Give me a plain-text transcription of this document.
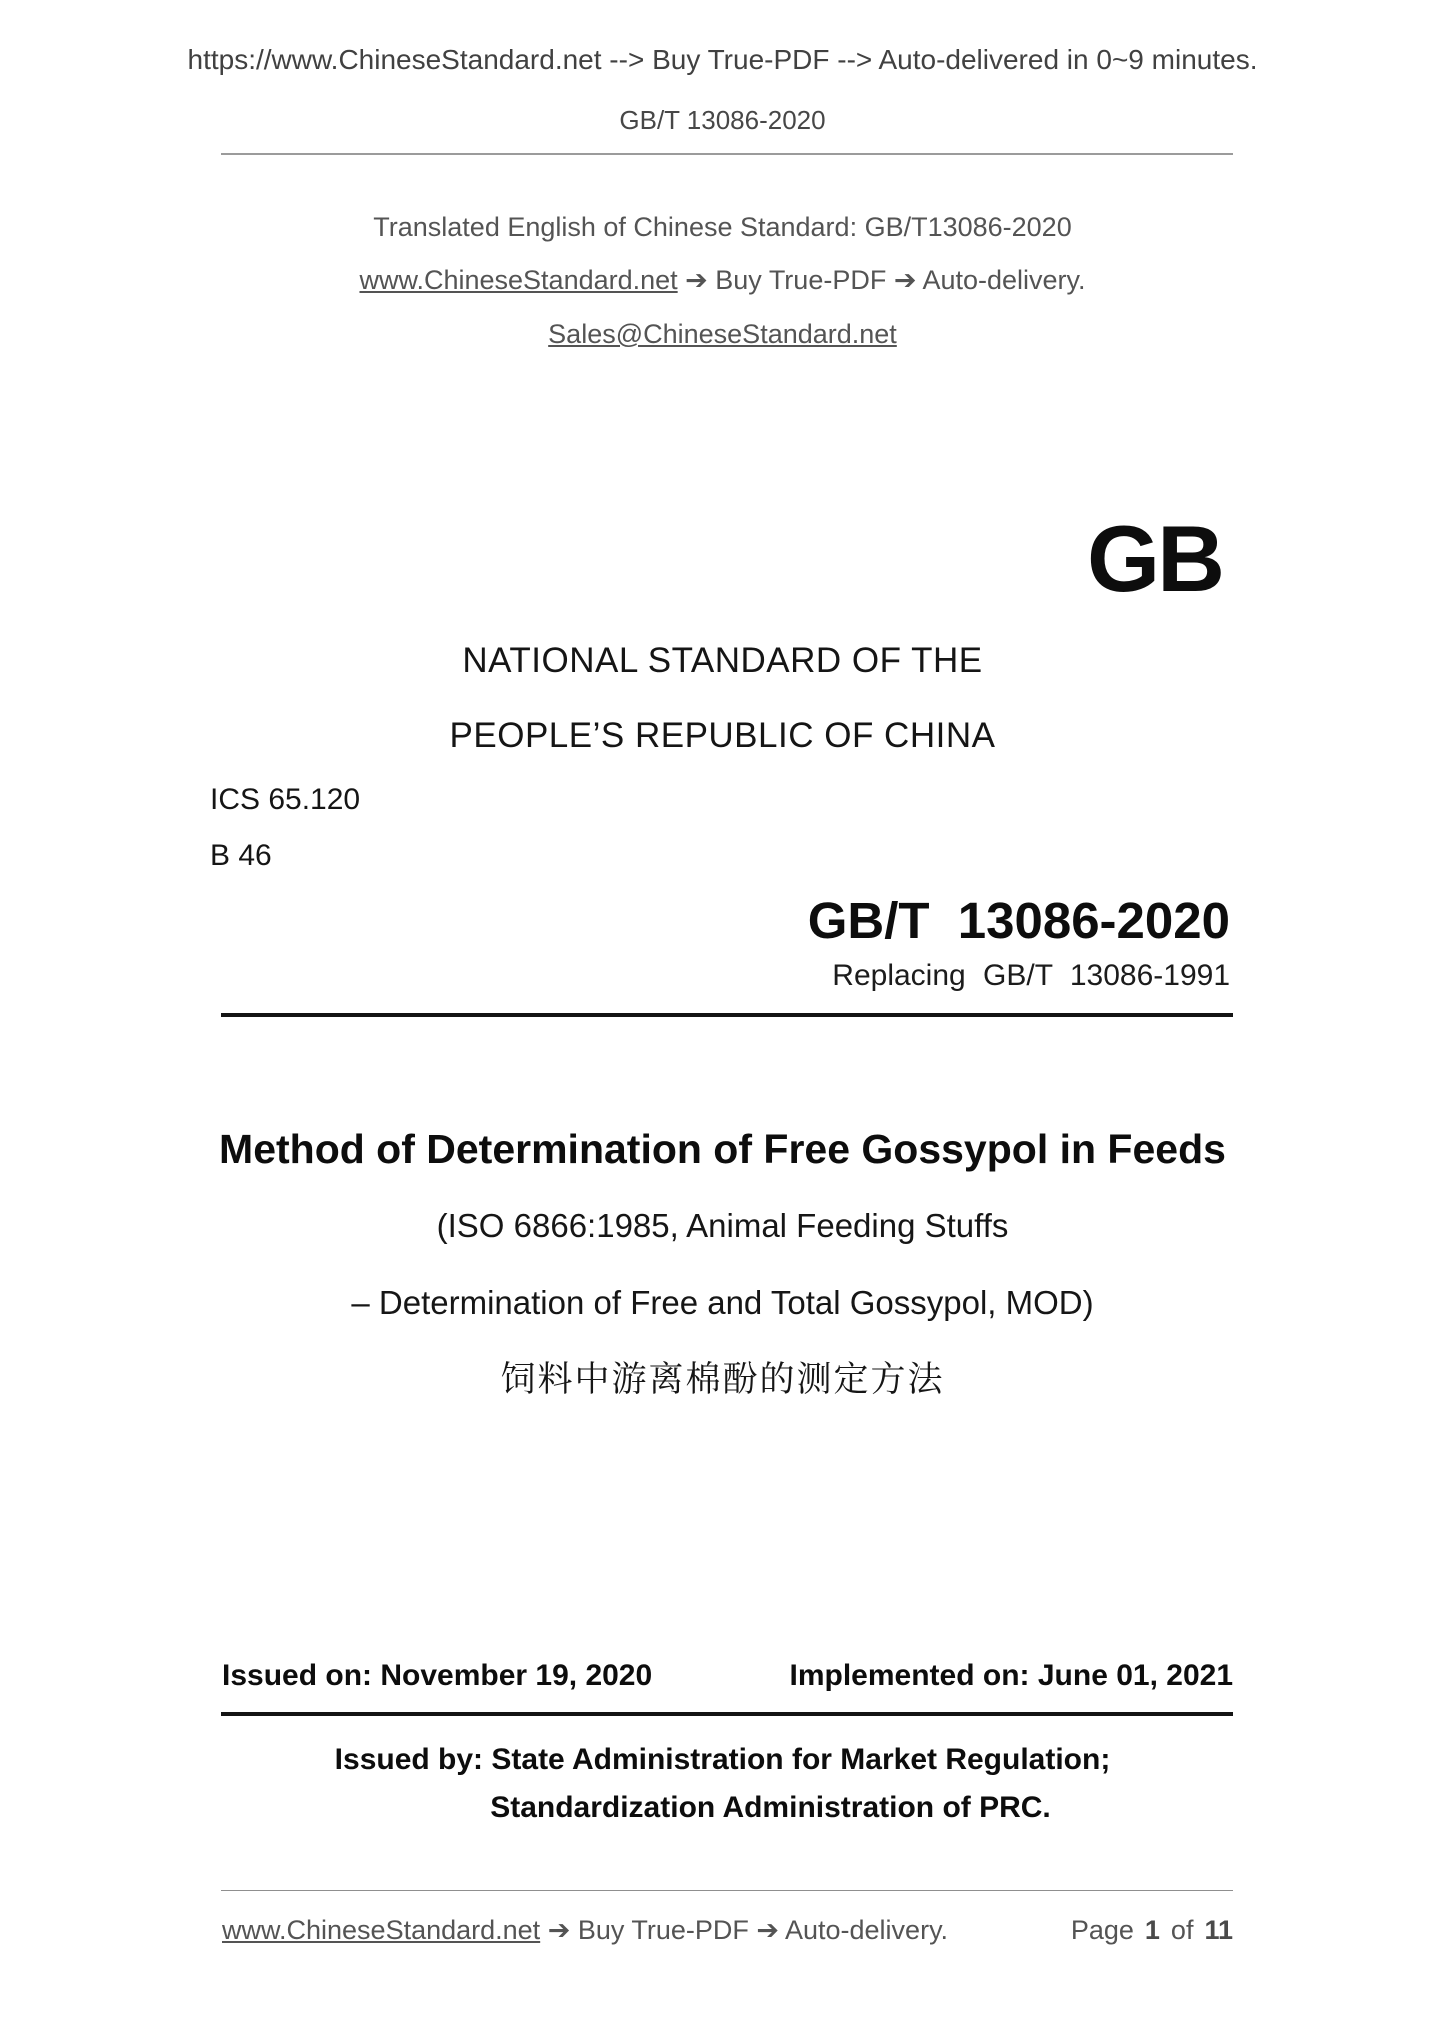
https://www.ChineseStandard.net --> Buy True-PDF --> Auto-delivered in 0~9 minutes.
GB/T 13086-2020
Translated English of Chinese Standard: GB/T13086-2020
www.ChineseStandard.net ➔ Buy True-PDF ➔ Auto-delivery.
Sales@ChineseStandard.net
GB
NATIONAL STANDARD OF THE
PEOPLE’S REPUBLIC OF CHINA
ICS 65.120
B 46
GB/T 13086-2020
Replacing GB/T 13086-1991
Method of Determination of Free Gossypol in Feeds
(ISO 6866:1985, Animal Feeding Stuffs
– Determination of Free and Total Gossypol, MOD)
饲料中游离棉酚的测定方法
Issued on: November 19, 2020	Implemented on: June 01, 2021
Issued by: State Administration for Market Regulation;
Standardization Administration of PRC.
www.ChineseStandard.net ➔ Buy True-PDF ➔ Auto-delivery.	Page 1 of 11
